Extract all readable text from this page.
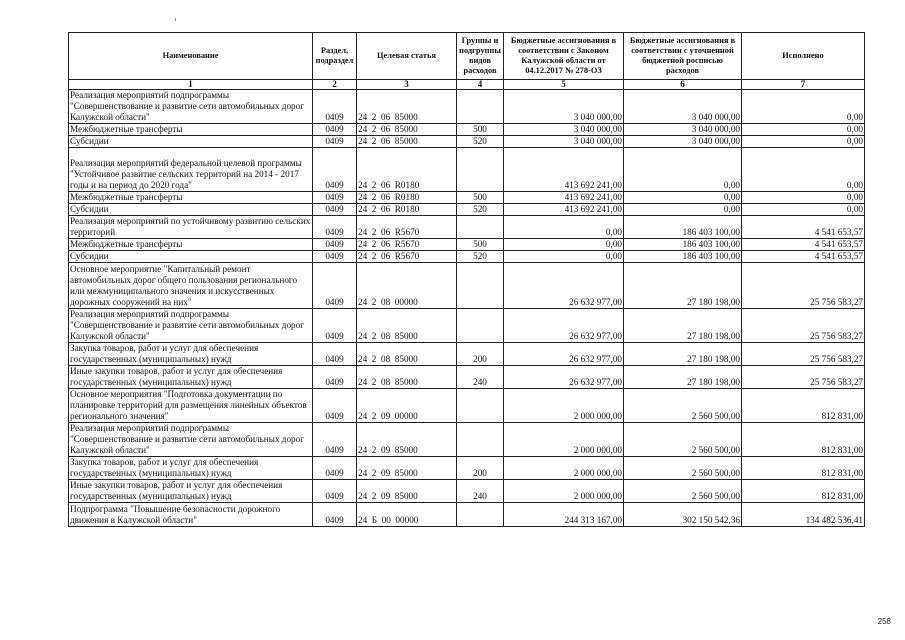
Наименование	Раздел, подраздел	Целевая статья	Группы и подгруппы видов расходов	Бюджетные ассигнования в соответствии с Законом Калужской области от 04.12.2017 № 278-ОЗ	Бюджетные ассигнования в соответствии с уточненной бюджетной росписью расходов	Исполнено
1	2	3	4	5	6	7
Реализация мероприятий подпрограммы "Совершенствование и развитие сети автомобильных дорог Калужской области"	0409	24  2  06  85000		3 040 000,00	3 040 000,00	0,00
Межбюджетные трансферты	0409	24  2  06  85000	500	3 040 000,00	3 040 000,00	0,00
Субсидии	0409	24  2  06  85000	520	3 040 000,00	3 040 000,00	0,00
Реализация мероприятий федеральной целевой программы "Устойчивое развитие сельских территорий на 2014 - 2017 годы и на период до 2020 года"	0409	24  2  06  R0180		413 692 241,00	0,00	0,00
Межбюджетные трансферты	0409	24  2  06  R0180	500	413 692 241,00	0,00	0,00
Субсидии	0409	24  2  06  R0180	520	413 692 241,00	0,00	0,00
Реализация мероприятий по устойчивому развитию сельских территорий	0409	24  2  06  R5670		0,00	186 403 100,00	4 541 653,57
Межбюджетные трансферты	0409	24  2  06  R5670	500	0,00	186 403 100,00	4 541 653,57
Субсидии	0409	24  2  06  R5670	520	0,00	186 403 100,00	4 541 653,57
Основное мероприятие "Капитальный ремонт автомобильных дорог общего пользования регионального или межмуниципального значения и искусственных дорожных сооружений на них"	0409	24  2  08  00000		26 632 977,00	27 180 198,00	25 756 583,27
Реализация мероприятий подпрограммы "Совершенствование и развитие сети автомобильных дорог Калужской области"	0409	24  2  08  85000		26 632 977,00	27 180 198,00	25 756 583,27
Закупка товаров, работ и услуг для обеспечения государственных (муниципальных) нужд	0409	24  2  08  85000	200	26 632 977,00	27 180 198,00	25 756 583,27
Иные закупки товаров, работ и услуг для обеспечения государственных (муниципальных) нужд	0409	24  2  08  85000	240	26 632 977,00	27 180 198,00	25 756 583,27
Основное мероприятия "Подготовка документации по планировке территорий для размещения линейных объектов регионального значения"	0409	24  2  09  00000		2 000 000,00	2 560 500,00	812 831,00
Реализация мероприятий подпрограммы "Совершенствование и развитие сети автомобильных дорог Калужской области"	0409	24  2  09  85000		2 000 000,00	2 560 500,00	812 831,00
Закупка товаров, работ и услуг для обеспечения государственных (муниципальных) нужд	0409	24  2  09  85000	200	2 000 000,00	2 560 500,00	812 831,00
Иные закупки товаров, работ и услуг для обеспечения государственных (муниципальных) нужд	0409	24  2  09  85000	240	2 000 000,00	2 560 500,00	812 831,00
Подпрограмма "Повышение безопасности дорожного движения в Калужской области"	0409	24  Б  00  00000		244 313 167,00	302 150 542,36	134 482 536,41
258
